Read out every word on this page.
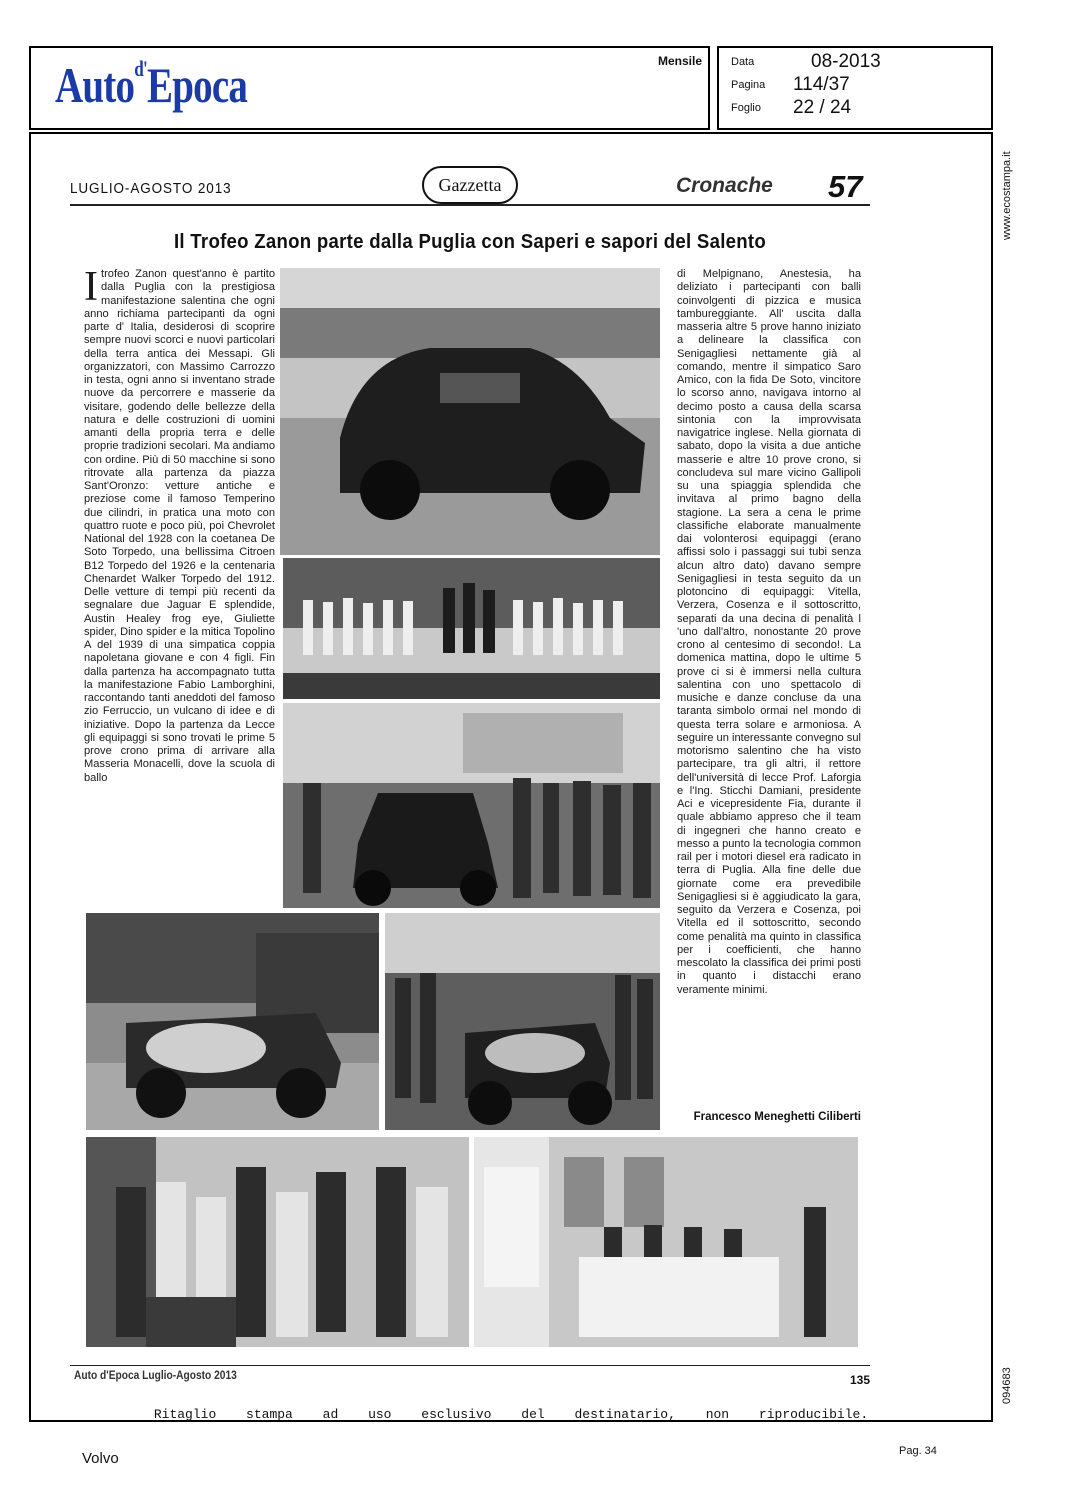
Auto$^{d'}$Epoca	Mensile	Data	08-2013
Pagina 114/37
Foglio 22 / 24
www.ecostampa.it
094683
LUGLIO-AGOSTO 2013	Gazzetta	Cronache 57
Il Trofeo Zanon parte dalla Puglia con Saperi e sapori del Salento
Itrofeo Zanon quest'anno è partito dalla Puglia con la prestigiosa manifestazione salentina che ogni anno richiama partecipanti da ogni parte d' Italia, desiderosi di scoprire sempre nuovi scorci e nuovi particolari della terra antica dei Messapi. Gli organizzatori, con Massimo Carrozzo in testa, ogni anno si inventano strade nuove da percorrere e masserie da visitare, godendo delle bellezze della natura e delle costruzioni di uomini amanti della propria terra e delle proprie tradizioni secolari. Ma andiamo con ordine. Più di 50 macchine si sono ritrovate alla partenza da piazza Sant'Oronzo: vetture antiche e preziose come il famoso Temperino due cilindri, in pratica una moto con quattro ruote e poco più, poi Chevrolet National del 1928 con la coetanea De Soto Torpedo, una bellissima Citroen B12 Torpedo del 1926 e la centenaria Chenardet Walker Torpedo del 1912. Delle vetture di tempi più recenti da segnalare due Jaguar E splendide, Austin Healey frog eye, Giuliette spider, Dino spider e la mitica Topolino A del 1939 di una simpatica coppia napoletana giovane e con 4 figli. Fin dalla partenza ha accompagnato tutta la manifestazione Fabio Lamborghini, raccontando tanti aneddoti del famoso zio Ferruccio, un vulcano di idee e di iniziative. Dopo la partenza da Lecce gli equipaggi si sono trovati le prime 5 prove crono prima di arrivare alla Masseria Monacelli, dove la scuola di ballo
di Melpignano, Anestesia, ha deliziato i partecipanti con balli coinvolgenti di pizzica e musica tambureggiante. All' uscita dalla masseria altre 5 prove hanno iniziato a delineare la classifica con Senigagliesi nettamente già al comando, mentre il simpatico Saro Amico, con la fida De Soto, vincitore lo scorso anno, navigava intorno al decimo posto a causa della scarsa sintonia con la improvvisata navigatrice inglese. Nella giornata di sabato, dopo la visita a due antiche masserie e altre 10 prove crono, si concludeva sul mare vicino Gallipoli su una spiaggia splendida che invitava al primo bagno della stagione. La sera a cena le prime classifiche elaborate manualmente dai volonterosi equipaggi (erano affissi solo i passaggi sui tubi senza alcun altro dato) davano sempre Senigagliesi in testa seguito da un plotoncino di equipaggi: Vitella, Verzera, Cosenza e il sottoscritto, separati da una decina di penalità l 'uno dall'altro, nonostante 20 prove crono al centesimo di secondo!. La domenica mattina, dopo le ultime 5 prove ci si è immersi nella cultura salentina con uno spettacolo di musiche e danze concluse da una taranta simbolo ormai nel mondo di questa terra solare e armoniosa. A seguire un interessante convegno sul motorismo salentino che ha visto partecipare, tra gli altri, il rettore dell'università di lecce Prof. Laforgia e l'Ing. Sticchi Damiani, presidente Aci e vicepresidente Fia, durante il quale abbiamo appreso che il team di ingegneri che hanno creato e messo a punto la tecnologia common rail per i motori diesel era radicato in terra di Puglia. Alla fine delle due giornate come era prevedibile Senigagliesi si è aggiudicato la gara, seguito da Verzera e Cosenza, poi Vitella ed il sottoscritto, secondo come penalità ma quinto in classifica per i coefficienti, che hanno mescolato la classifica dei primi posti in quanto i distacchi erano veramente minimi.
Francesco Meneghetti Ciliberti
Auto d'Epoca Luglio-Agosto 2013	135
Ritaglio stampa ad uso esclusivo del destinatario, non riproducibile.
Volvo	Pag. 34
